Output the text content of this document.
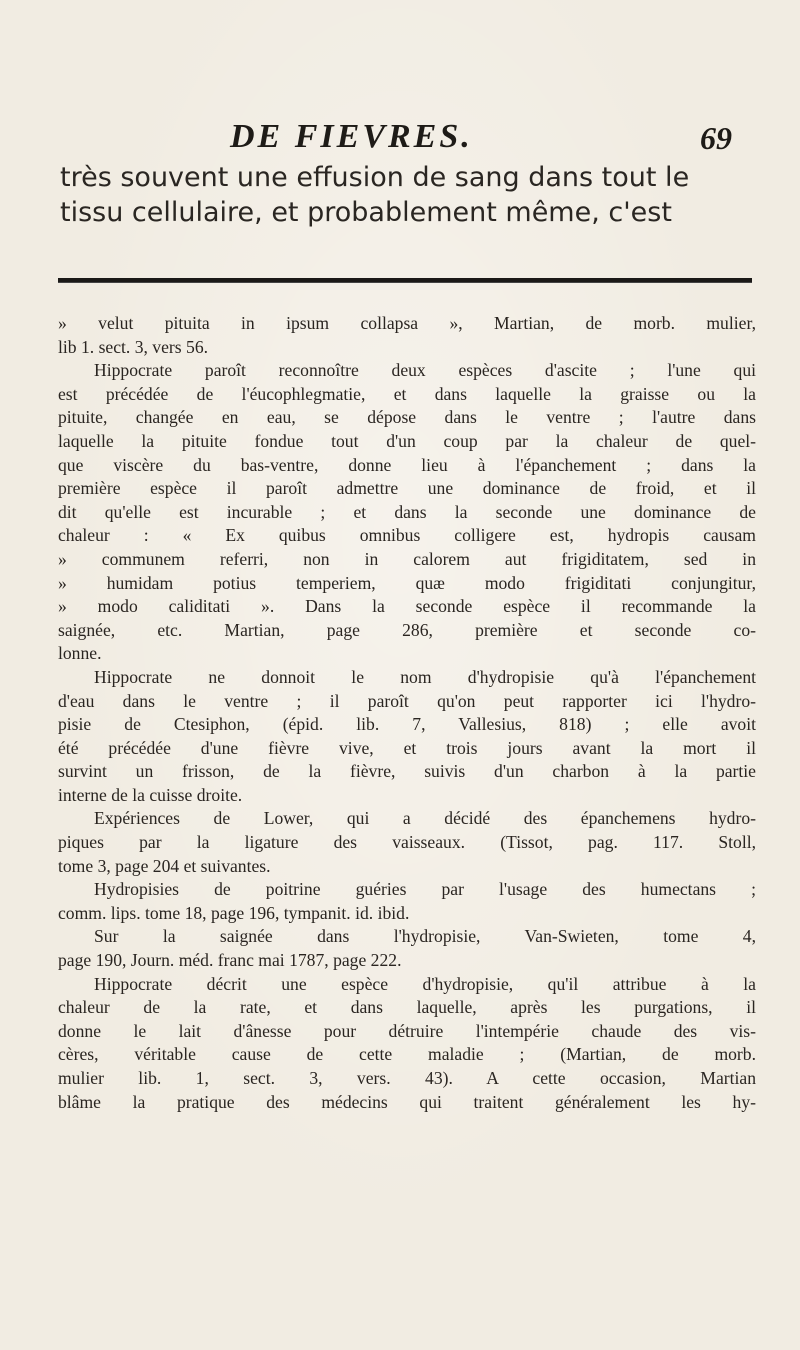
DE FIEVRES.	69
très souvent une effusion de sang dans tout le
tissu cellulaire, et probablement même, c'est
» velut pituita in ipsum collapsa », Martian, de morb. mulier,
lib 1. sect. 3, vers 56.
Hippocrate paroît reconnoître deux espèces d'ascite ; l'une qui
est précédée de l'éucophlegmatie, et dans laquelle la graisse ou la
pituite, changée en eau, se dépose dans le ventre ; l'autre dans
laquelle la pituite fondue tout d'un coup par la chaleur de quel-
que viscère du bas-ventre, donne lieu à l'épanchement ; dans la
première espèce il paroît admettre une dominance de froid, et il
dit qu'elle est incurable ; et dans la seconde une dominance de
chaleur : « Ex quibus omnibus colligere est, hydropis causam
» communem referri, non in calorem aut frigiditatem, sed in
» humidam potius temperiem, quæ modo frigiditati conjungitur,
» modo caliditati ». Dans la seconde espèce il recommande la
saignée, etc. Martian, page 286, première et seconde co-
lonne.
Hippocrate ne donnoit le nom d'hydropisie qu'à l'épanchement
d'eau dans le ventre ; il paroît qu'on peut rapporter ici l'hydro-
pisie de Ctesiphon, (épid. lib. 7, Vallesius, 818) ; elle avoit
été précédée d'une fièvre vive, et trois jours avant la mort il
survint un frisson, de la fièvre, suivis d'un charbon à la partie
interne de la cuisse droite.
Expériences de Lower, qui a décidé des épanchemens hydro-
piques par la ligature des vaisseaux. (Tissot, pag. 117. Stoll,
tome 3, page 204 et suivantes.
Hydropisies de poitrine guéries par l'usage des humectans ;
comm. lips. tome 18, page 196, tympanit. id. ibid.
Sur la saignée dans l'hydropisie, Van-Swieten, tome 4,
page 190, Journ. méd. franc mai 1787, page 222.
Hippocrate décrit une espèce d'hydropisie, qu'il attribue à la
chaleur de la rate, et dans laquelle, après les purgations, il
donne le lait d'ânesse pour détruire l'intempérie chaude des vis-
cères, véritable cause de cette maladie ; (Martian, de morb.
mulier lib. 1, sect. 3, vers. 43). A cette occasion, Martian
blâme la pratique des médecins qui traitent généralement les hy-
